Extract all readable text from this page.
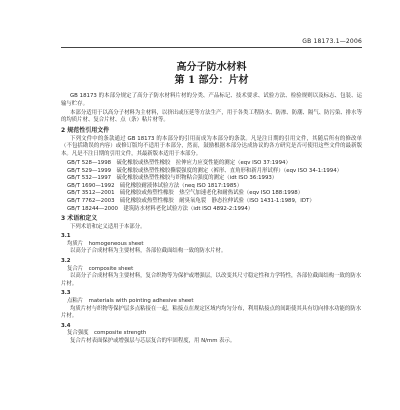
GB 18173.1—2006
高分子防水材料
第 1 部分：片材

GB 18173 的本部分规定了高分子防水材料片材的分类、产品标记、技术要求、试验方法、检验规则以及标志、包装、运输与贮存。

本部分适用于以高分子材料为主材料，以挤出或压延等方法生产，用于各类工程防水、防渗、防潮、隔气、防污染、排水等的均质片材、复合片材、点（条）粘片材等。

2 规范性引用文件

下列文件中的条款通过 GB 18173 的本部分的引用而成为本部分的条款。凡是注日期的引用文件，其随后所有的修改单（不包括勘误的内容）或修订版均不适用于本部分，然而，鼓励根据本部分达成协议的各方研究是否可使用这些文件的最新版本。凡是不注日期的引用文件，其最新版本适用于本部分。

GB/T 528—1998　硫化橡胶或热塑性橡胶　拉伸应力应变性能的测定（eqv ISO 37:1994）
GB/T 529—1999　硫化橡胶或热塑性橡胶撕裂强度的测定（裤形、直角形和新月形试样）（eqv ISO 34-1:1994）
GB/T 532—1997　硫化橡胶或热塑性橡胶与织物粘合强度的测定（idt ISO 36:1993）
GB/T 1690—1992　硫化橡胶耐液体试验方法（neq ISO 1817:1985）
GB/T 3512—2001　硫化橡胶或热塑性橡胶　热空气加速老化和耐热试验（eqv ISO 188:1998）
GB/T 7762—2003　硫化橡胶或热塑性橡胶　耐臭氧龟裂　静态拉伸试验（ISO 1431-1:1989，IDT）
GB/T 18244—2000　建筑防水材料老化试验方法（idt ISO 4892-2:1994）
3 术语和定义

下列术语和定义适用于本部分。

3.1
均质片　homogeneous sheet

以高分子合成材料为主要材料，各部位截面结构一致的防水片材。

3.2
复合片　composite sheet

以高分子合成材料为主要材料，复合织物等为保护或增强层，以改变其尺寸稳定性和力学特性，各部位截面结构一致的防水片材。

3.3
点粘片　materials with pointing adhesive sheet

均质片材与织物等保护层多点粘接在一起，粘接点在规定区域内均匀分布，利用粘接点的间距使其具有切向排水功能的防水片材。

3.4
复合强度　composite strength

复合片材表面保护或增强层与芯层复合的牢固程度，用 N/mm 表示。
